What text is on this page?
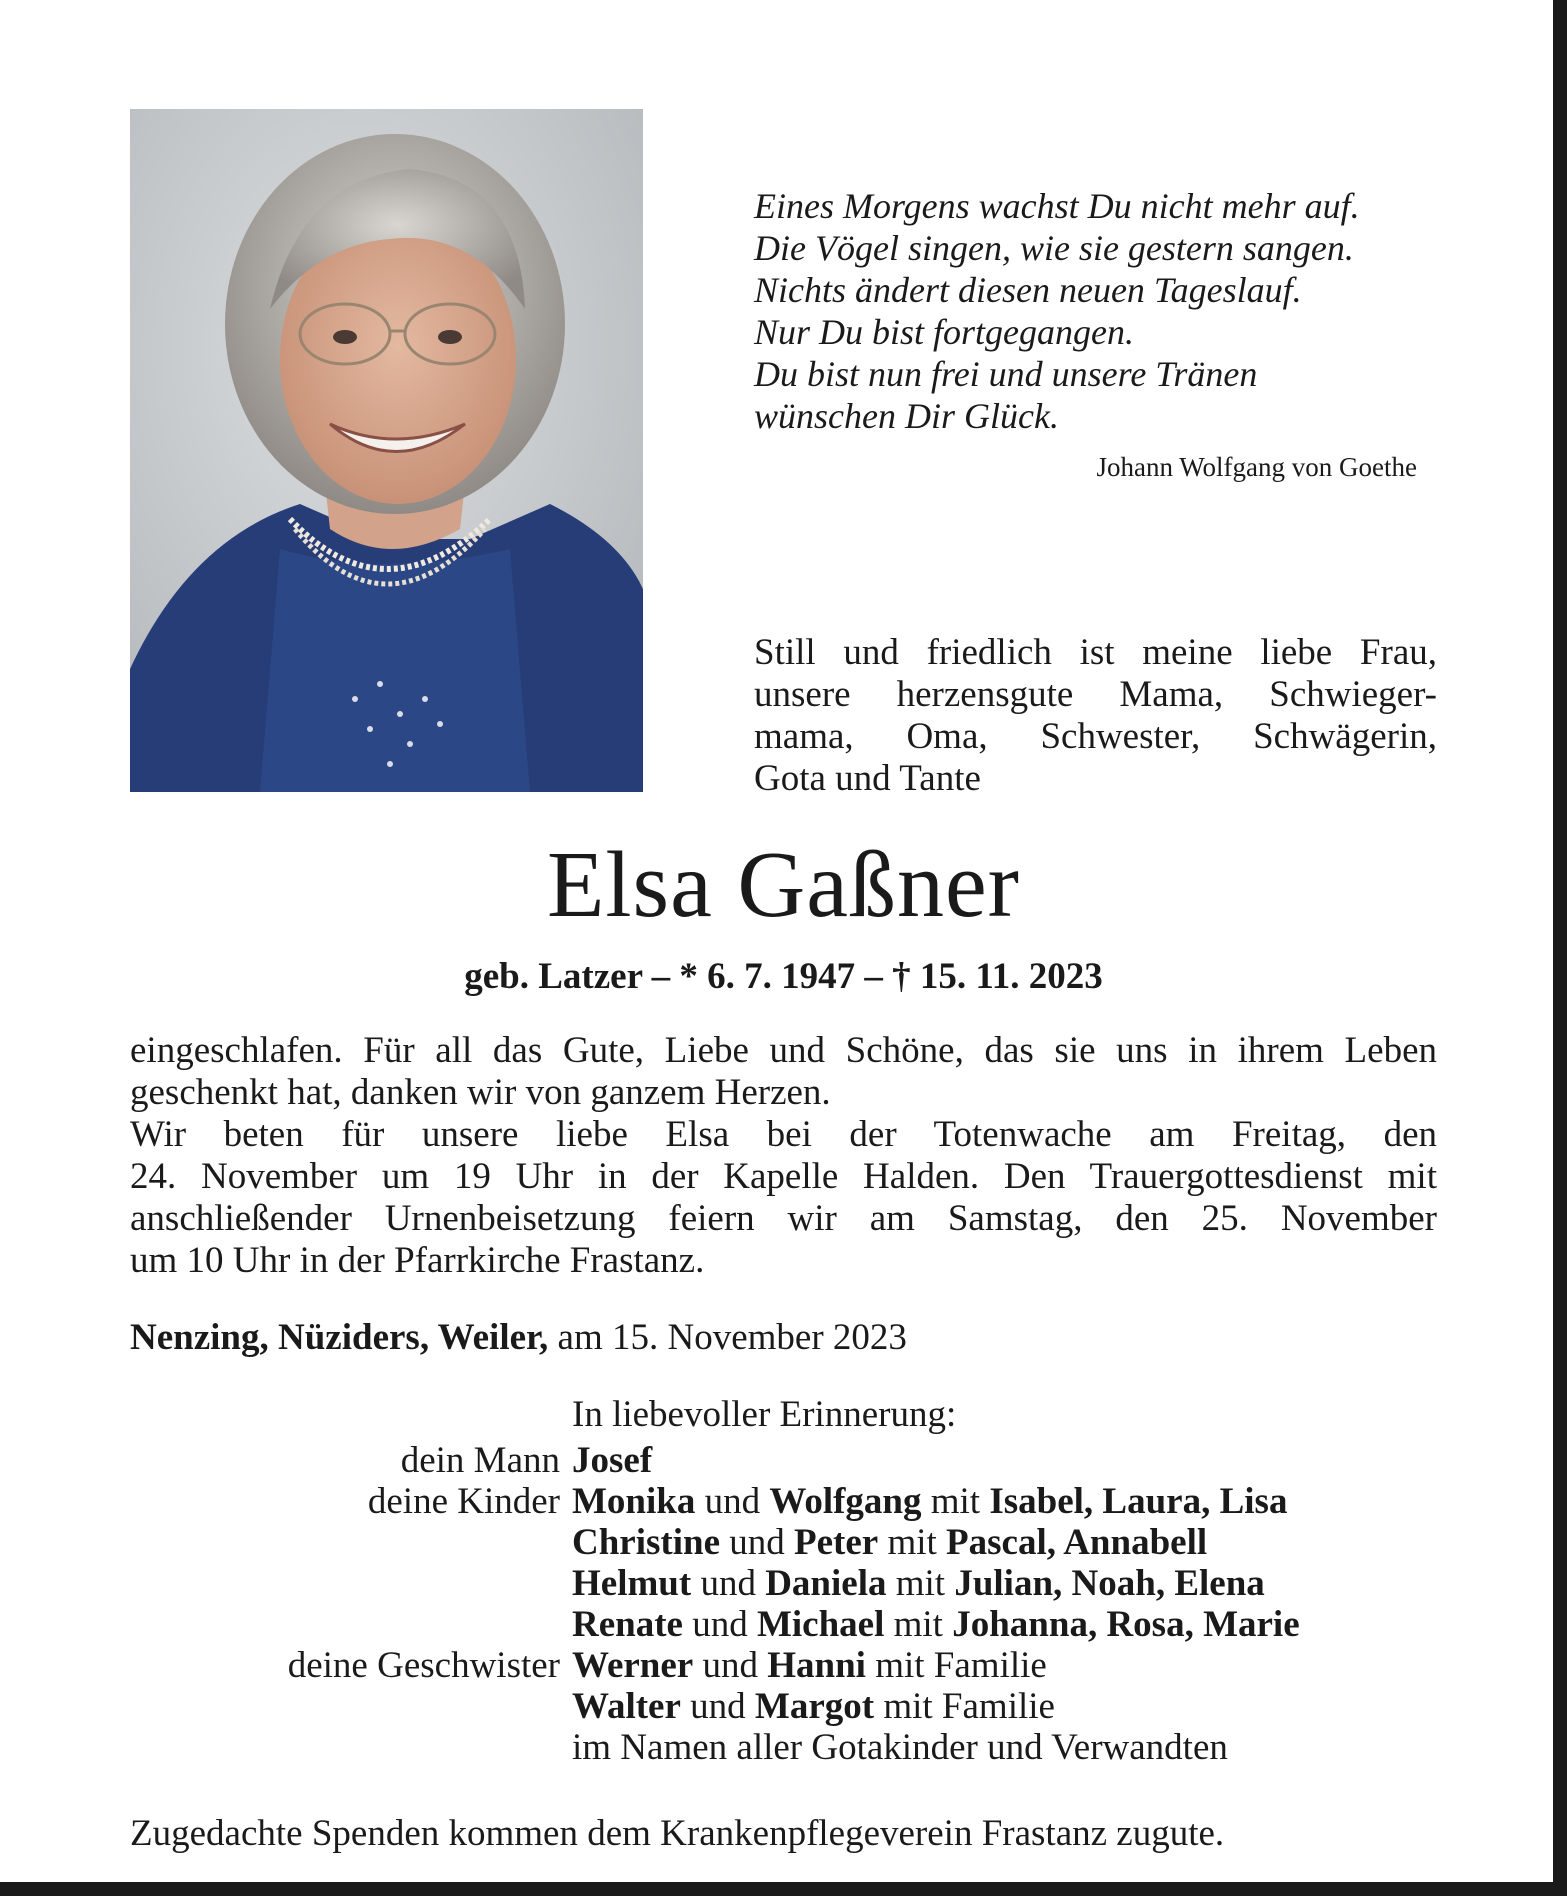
Eines Morgens wachst Du nicht mehr auf.
Die Vögel singen, wie sie gestern sangen.
Nichts ändert diesen neuen Tageslauf.
Nur Du bist fortgegangen.
Du bist nun frei und unsere Tränen
wünschen Dir Glück.
Johann Wolfgang von Goethe
Still und friedlich ist meine liebe Frau,
unsere herzensgute Mama, Schwieger-
mama, Oma, Schwester, Schwägerin,
Gota und Tante
Elsa Gaßner
geb. Latzer – * 6. 7. 1947 – † 15. 11. 2023
eingeschlafen. Für all das Gute, Liebe und Schöne, das sie uns in ihrem Leben
geschenkt hat, danken wir von ganzem Herzen.
Wir beten für unsere liebe Elsa bei der Totenwache am Freitag, den
24. November um 19 Uhr in der Kapelle Halden. Den Trauergottesdienst mit
anschließender Urnenbeisetzung feiern wir am Samstag, den 25. November
um 10 Uhr in der Pfarrkirche Frastanz.
Nenzing, Nüziders, Weiler, am 15. November 2023
In liebevoller Erinnerung:
dein Mann Josef
deine Kinder Monika und Wolfgang mit Isabel, Laura, Lisa
Christine und Peter mit Pascal, Annabell
Helmut und Daniela mit Julian, Noah, Elena
Renate und Michael mit Johanna, Rosa, Marie
deine Geschwister Werner und Hanni mit Familie
Walter und Margot mit Familie
im Namen aller Gotakinder und Verwandten
Zugedachte Spenden kommen dem Krankenpflegeverein Frastanz zugute.
